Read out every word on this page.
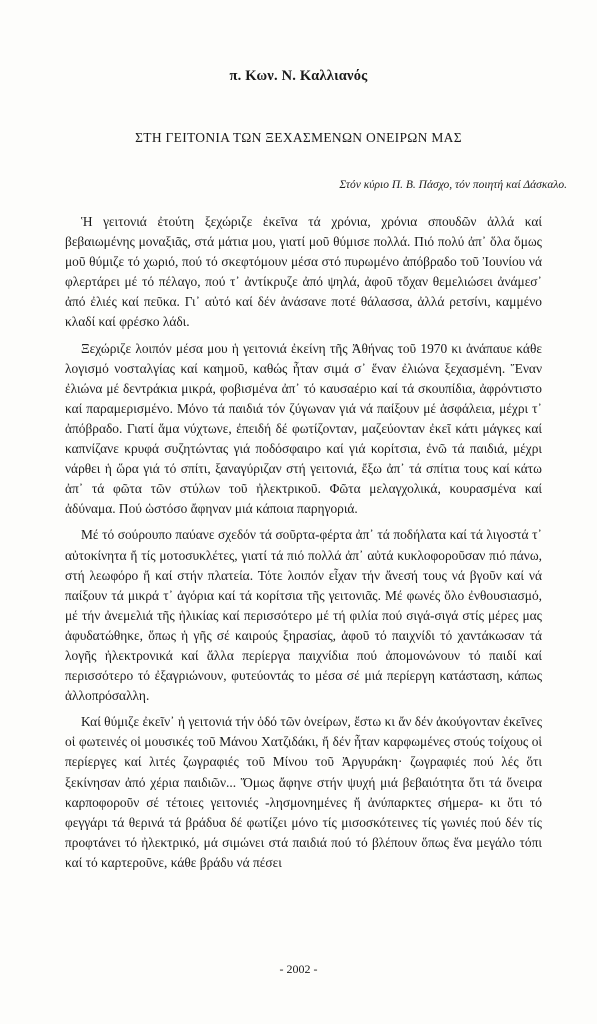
π. Κων. Ν. Καλλιανός
ΣΤΗ ΓΕΙΤΟΝΙΑ ΤΩΝ ΞΕΧΑΣΜΕΝΩΝ ΟΝΕΙΡΩΝ ΜΑΣ
Στόν κύριο Π. Β. Πάσχο, τόν ποιητή καί Δάσκαλο.

Ἡ γειτονιά ἐτούτη ξεχώριζε ἐκεῖνα τά χρόνια, χρόνια σπουδῶν ἀλλά καί βεβαιωμένης μοναξιᾶς, στά μάτια μου, γιατί μοῦ θύμισε πολλά. Πιό πολύ ἀπ᾽ ὅλα ὅμως μοῦ θύμιζε τό χωριό, πού τό σκεφτόμουν μέσα στό πυρωμένο ἀπόβραδο τοῦ Ἰουνίου νά φλερτάρει μέ τό πέλαγο, πού τ᾽ ἀντίκρυζε ἀπό ψηλά, ἀφοῦ τὄχαν θεμελιώσει ἀνάμεσ᾽ ἀπό ἐλιές καί πεῦκα. Γι᾽ αὐτό καί δέν ἀνάσανε ποτέ θάλασσα, ἀλλά ρετσίνι, καμμένο κλαδί καί φρέσκο λάδι.

Ξεχώριζε λοιπόν μέσα μου ἡ γειτονιά ἐκείνη τῆς Ἀθήνας τοῦ 1970 κι ἀνάπαυε κάθε λογισμό νοσταλγίας καί καημοῦ, καθώς ἦταν σιμά σ᾽ ἕναν ἐλιώνα ξεχασμένη. Ἕναν ἐλιώνα μέ δεντράκια μικρά, φοβισμένα ἀπ᾽ τό καυσαέριο καί τά σκουπίδια, ἀφρόντιστο καί παραμερισμένο. Μόνο τά παιδιά τόν ζύγωναν γιά νά παίξουν μέ ἀσφάλεια, μέχρι τ᾽ ἀπόβραδο. Γιατί ἅμα νύχτωνε, ἐπειδή δέ φωτίζονταν, μαζεύονταν ἐκεῖ κάτι μάγκες καί καπνίζανε κρυφά συζητώντας γιά ποδόσφαιρο καί γιά κορίτσια, ἐνῶ τά παιδιά, μέχρι νάρθει ἡ ὥρα γιά τό σπίτι, ξαναγύριζαν στή γειτονιά, ἔξω ἀπ᾽ τά σπίτια τους καί κάτω ἀπ᾽ τά φῶτα τῶν στύλων τοῦ ἠλεκτρικοῦ. Φῶτα μελαγχολικά, κουρασμένα καί ἀδύναμα. Πού ὡστόσο ἄφηναν μιά κάποια παρηγοριά.

Μέ τό σούρουπο παύανε σχεδόν τά σοῦρτα-φέρτα ἀπ᾽ τά ποδήλατα καί τά λιγοστά τ᾽ αὐτοκίνητα ἤ τίς μοτοσυκλέτες, γιατί τά πιό πολλά ἀπ᾽ αὐτά κυκλοφοροῦσαν πιό πάνω, στή λεωφόρο ἤ καί στήν πλατεία. Τότε λοιπόν εἶχαν τήν ἄνεσή τους νά βγοῦν καί νά παίξουν τά μικρά τ᾽ ἀγόρια καί τά κορίτσια τῆς γειτονιᾶς. Μέ φωνές ὅλο ἐνθουσιασμό, μέ τήν ἀνεμελιά τῆς ἡλικίας καί περισσότερο μέ τή φιλία πού σιγά-σιγά στίς μέρες μας ἀφυδατώθηκε, ὅπως ἡ γῆς σέ καιρούς ξηρασίας, ἀφοῦ τό παιχνίδι τό χαντάκωσαν τά λογῆς ἠλεκτρονικά καί ἄλλα περίεργα παιχνίδια πού ἀπομονώνουν τό παιδί καί περισσότερο τό ἐξαγριώνουν, φυτεύοντάς το μέσα σέ μιά περίεργη κατάσταση, κάπως ἀλλοπρόσαλλη.

Καί θύμιζε ἐκεῖν᾽ ἡ γειτονιά τήν ὁδό τῶν ὀνείρων, ἔστω κι ἄν δέν ἀκούγονταν ἐκεῖνες οἱ φωτεινές οἱ μουσικές τοῦ Μάνου Χατζιδάκι, ἤ δέν ἦταν καρφωμένες στούς τοίχους οἱ περίεργες καί λιτές ζωγραφιές τοῦ Μίνου τοῦ Ἀργυράκη· ζωγραφιές πού λές ὅτι ξεκίνησαν ἀπό χέρια παιδιῶν... Ὅμως ἄφηνε στήν ψυχή μιά βεβαιότητα ὅτι τά ὄνειρα καρποφοροῦν σέ τέτοιες γειτονιές -λησμονημένες ἤ ἀνύπαρκτες σήμερα- κι ὅτι τό φεγγάρι τά θερινά τά βράδυα δέ φωτίζει μόνο τίς μισοσκότεινες τίς γωνιές πού δέν τίς προφτάνει τό ἠλεκτρικό, μά σιμώνει στά παιδιά πού τό βλέπουν ὅπως ἕνα μεγάλο τόπι καί τό καρτεροῦνε, κάθε βράδυ νά πέσει

- 2002 -
